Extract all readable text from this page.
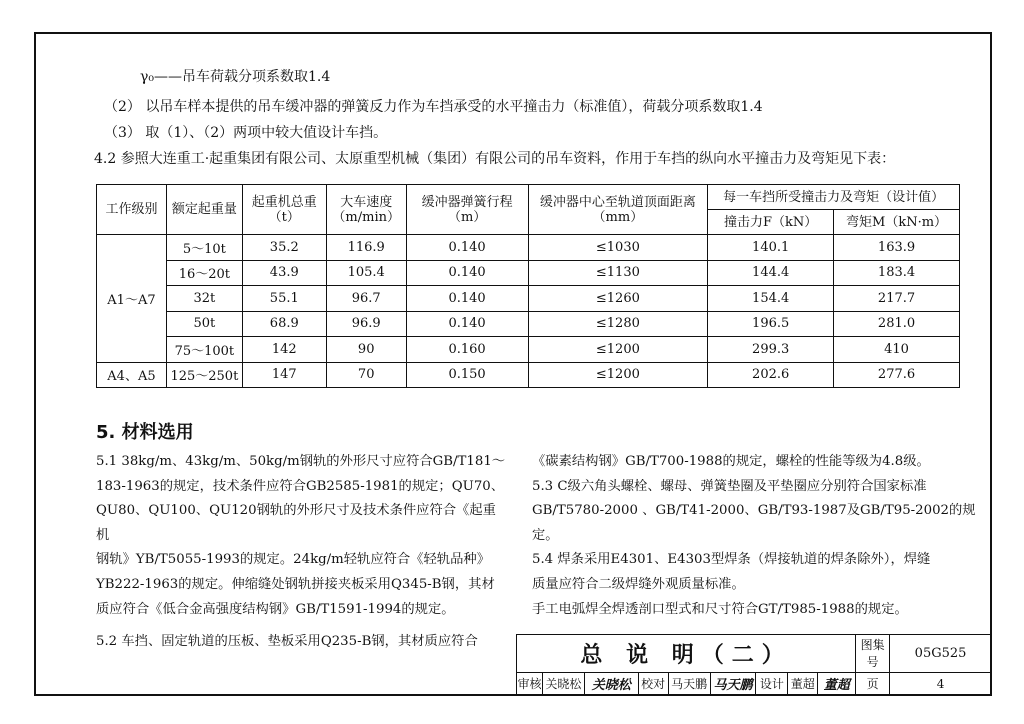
γ₀——吊车荷载分项系数取1.4
（2） 以吊车样本提供的吊车缓冲器的弹簧反力作为车挡承受的水平撞击力（标准值），荷载分项系数取1.4
（3） 取（1）、（2）两项中较大值设计车挡。
4.2 参照大连重工·起重集团有限公司、太原重型机械（集团）有限公司的吊车资料，作用于车挡的纵向水平撞击力及弯矩见下表：
工作级别	额定起重量	起重机总重（t）	大车速度（m/min）	缓冲器弹簧行程（m）	缓冲器中心至轨道顶面距离（mm）	每一车挡所受撞击力及弯矩（设计值）	
						撞击力F（kN）	弯矩M（kN·m）
A1～A7	5～10t	35.2	116.9	0.140	≤1030	140.1	163.9
	16～20t	43.9	105.4	0.140	≤1130	144.4	183.4
	32t	55.1	96.7	0.140	≤1260	154.4	217.7
	50t	68.9	96.9	0.140	≤1280	196.5	281.0
	75～100t	142	90	0.160	≤1200	299.3	410
A4、A5	125～250t	147	70	0.150	≤1200	202.6	277.6
5. 材料选用
5.1 38kg/m、43kg/m、50kg/m钢轨的外形尺寸应符合GB/T181～
183-1963的规定，技术条件应符合GB2585-1981的规定；QU70、
QU80、QU100、QU120钢轨的外形尺寸及技术条件应符合《起重机
钢轨》YB/T5055-1993的规定。24kg/m轻轨应符合《轻轨品种》
YB222-1963的规定。伸缩缝处钢轨拼接夹板采用Q345-B钢，其材
质应符合《低合金高强度结构钢》GB/T1591-1994的规定。
5.2 车挡、固定轨道的压板、垫板采用Q235-B钢，其材质应符合
《碳素结构钢》GB/T700-1988的规定，螺栓的性能等级为4.8级。
5.3 C级六角头螺栓、螺母、弹簧垫圈及平垫圈应分别符合国家标准
GB/T5780-2000 、GB/T41-2000、GB/T93-1987及GB/T95-2002的规定。
5.4 焊条采用E4301、E4303型焊条（焊接轨道的焊条除外），焊缝
质量应符合二级焊缝外观质量标准。
手工电弧焊全焊透剖口型式和尺寸符合GT/T985-1988的规定。
总 说 明（二）									图集号	05G525
审核	关晓松	关晓松	校对	马天鹏	马天鹏	设计	董超	董超	页	4
